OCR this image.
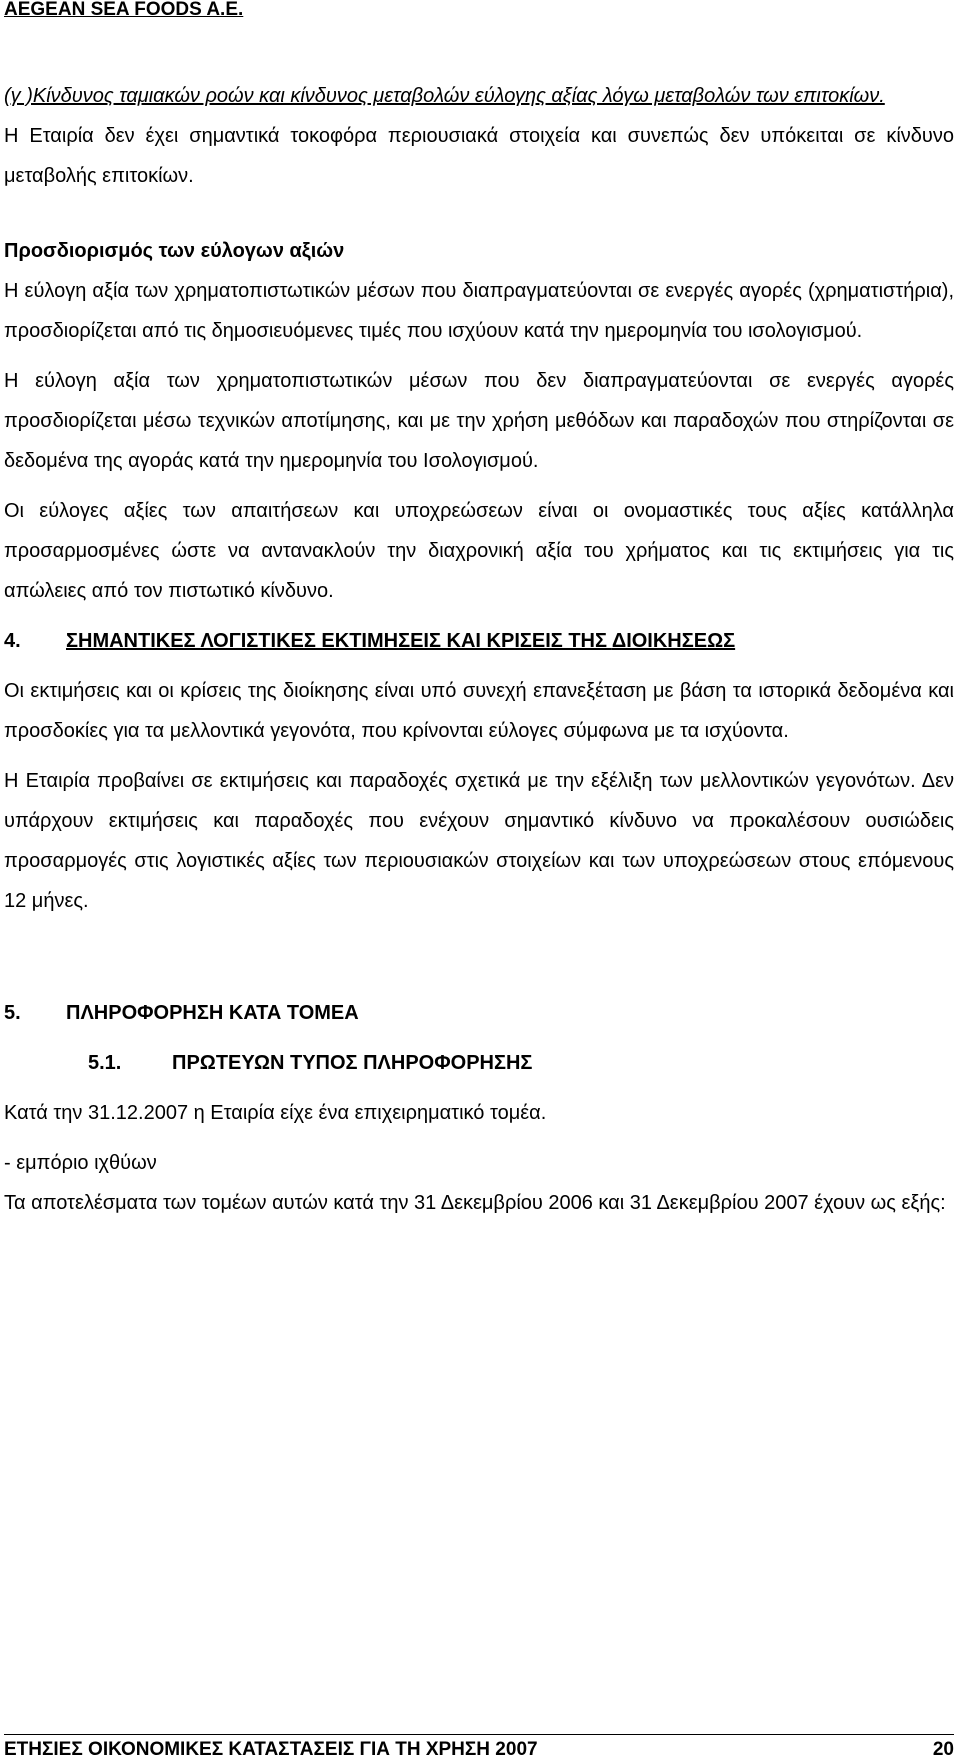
AEGEAN SEA FOODS A.E.

(γ )Κίνδυνος ταμιακών ροών και κίνδυνος μεταβολών εύλογης αξίας λόγω μεταβολών των επιτοκίων.

Η Εταιρία δεν έχει σημαντικά τοκοφόρα περιουσιακά στοιχεία και συνεπώς δεν υπόκειται σε κίνδυνο μεταβολής επιτοκίων.

Προσδιορισμός των εύλογων αξιών

Η εύλογη αξία των χρηματοπιστωτικών μέσων που διαπραγματεύονται σε ενεργές αγορές (χρηματιστήρια), προσδιορίζεται από τις δημοσιευόμενες τιμές που ισχύουν κατά την ημερομηνία του ισολογισμού.

Η εύλογη αξία των χρηματοπιστωτικών μέσων που δεν διαπραγματεύονται σε ενεργές αγορές προσδιορίζεται μέσω τεχνικών αποτίμησης, και με την χρήση μεθόδων και παραδοχών που στηρίζονται σε δεδομένα της αγοράς κατά την ημερομηνία του Ισολογισμού.

Οι εύλογες αξίες των απαιτήσεων και υποχρεώσεων είναι οι ονομαστικές τους αξίες κατάλληλα προσαρμοσμένες ώστε να αντανακλούν την διαχρονική αξία του χρήματος και τις εκτιμήσεις για τις απώλειες από τον πιστωτικό κίνδυνο.

4.	ΣΗΜΑΝΤΙΚΕΣ ΛΟΓΙΣΤΙΚΕΣ ΕΚΤΙΜΗΣΕΙΣ ΚΑΙ ΚΡΙΣΕΙΣ ΤΗΣ ΔΙΟΙΚΗΣΕΩΣ

Οι εκτιμήσεις και οι κρίσεις της διοίκησης είναι υπό συνεχή επανεξέταση με βάση τα ιστορικά δεδομένα και προσδοκίες για τα μελλοντικά γεγονότα, που κρίνονται εύλογες σύμφωνα με τα ισχύοντα.

Η Εταιρία προβαίνει σε εκτιμήσεις και παραδοχές σχετικά με την εξέλιξη των μελλοντικών γεγονότων. Δεν υπάρχουν εκτιμήσεις και παραδοχές που ενέχουν σημαντικό κίνδυνο να προκαλέσουν ουσιώδεις προσαρμογές στις λογιστικές αξίες των περιουσιακών στοιχείων και των υποχρεώσεων στους επόμενους 12 μήνες.

5.	ΠΛΗΡΟΦΟΡΗΣΗ ΚΑΤΑ ΤΟΜΕΑ
5.1.	ΠΡΩΤΕΥΩΝ ΤΥΠΟΣ ΠΛΗΡΟΦΟΡΗΣΗΣ

Κατά την 31.12.2007 η Εταιρία είχε ένα επιχειρηματικό τομέα.

- εμπόριο ιχθύων

Τα αποτελέσματα των τομέων αυτών κατά την 31 Δεκεμβρίου 2006 και 31 Δεκεμβρίου 2007 έχουν ως εξής:

ΕΤΗΣΙΕΣ ΟΙΚΟΝΟΜΙΚΕΣ ΚΑΤΑΣΤΑΣΕΙΣ ΓΙΑ ΤΗ ΧΡΗΣΗ 2007	20
